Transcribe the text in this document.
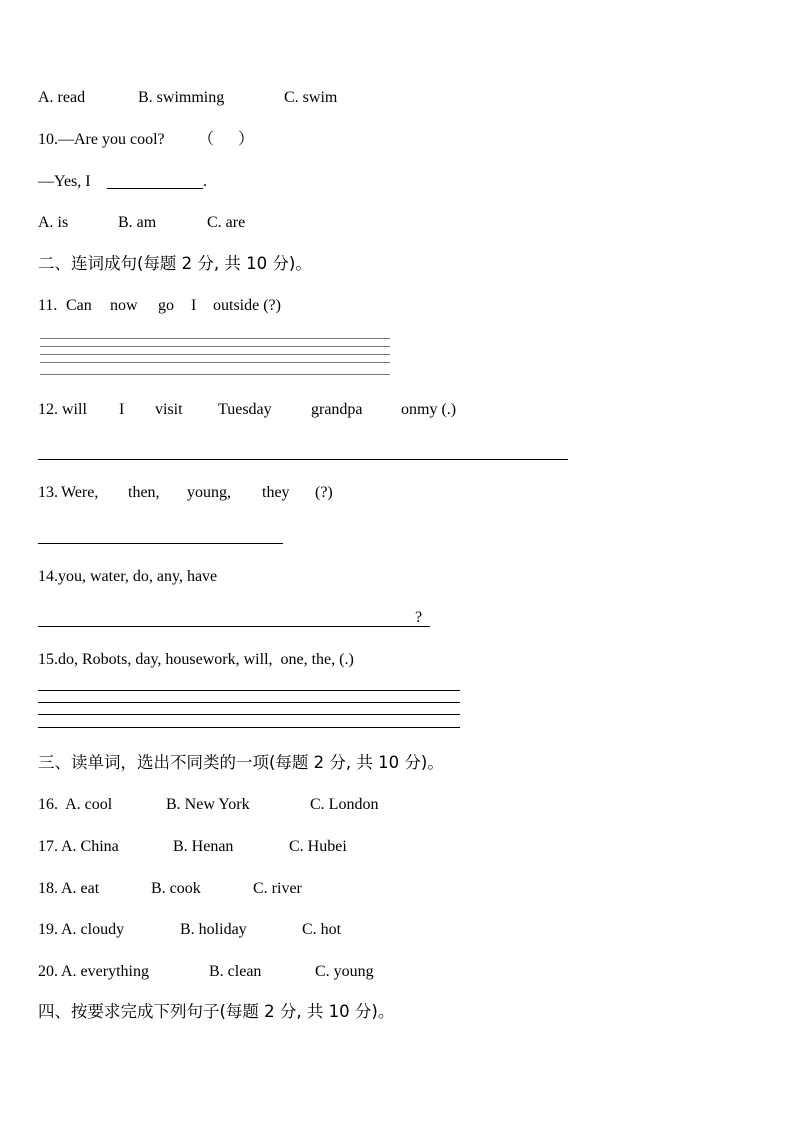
A. read	B. swimming	C. swim
10.—Are you cool? （      ）
—Yes, I	.
A. is	B. am	C. are
二、连词成句(每题 2 分, 共 10 分)。
11. Can now go I outside (?)
12. will I visit Tuesday grandpa onmy (.)
13. Were, then, young, they (?)
14.you, water, do, any, have
?
15.do, Robots, day, housework, will,  one, the, (.)
三、读单词，选出不同类的一项(每题 2 分, 共 10 分)。
16. A. cool	B. New York	C. London
17. A. China	B. Henan	C. Hubei
18. A. eat	B. cook	C. river
19. A. cloudy	B. holiday	C. hot
20. A. everything	B. clean	C. young
四、按要求完成下列句子(每题 2 分, 共 10 分)。
